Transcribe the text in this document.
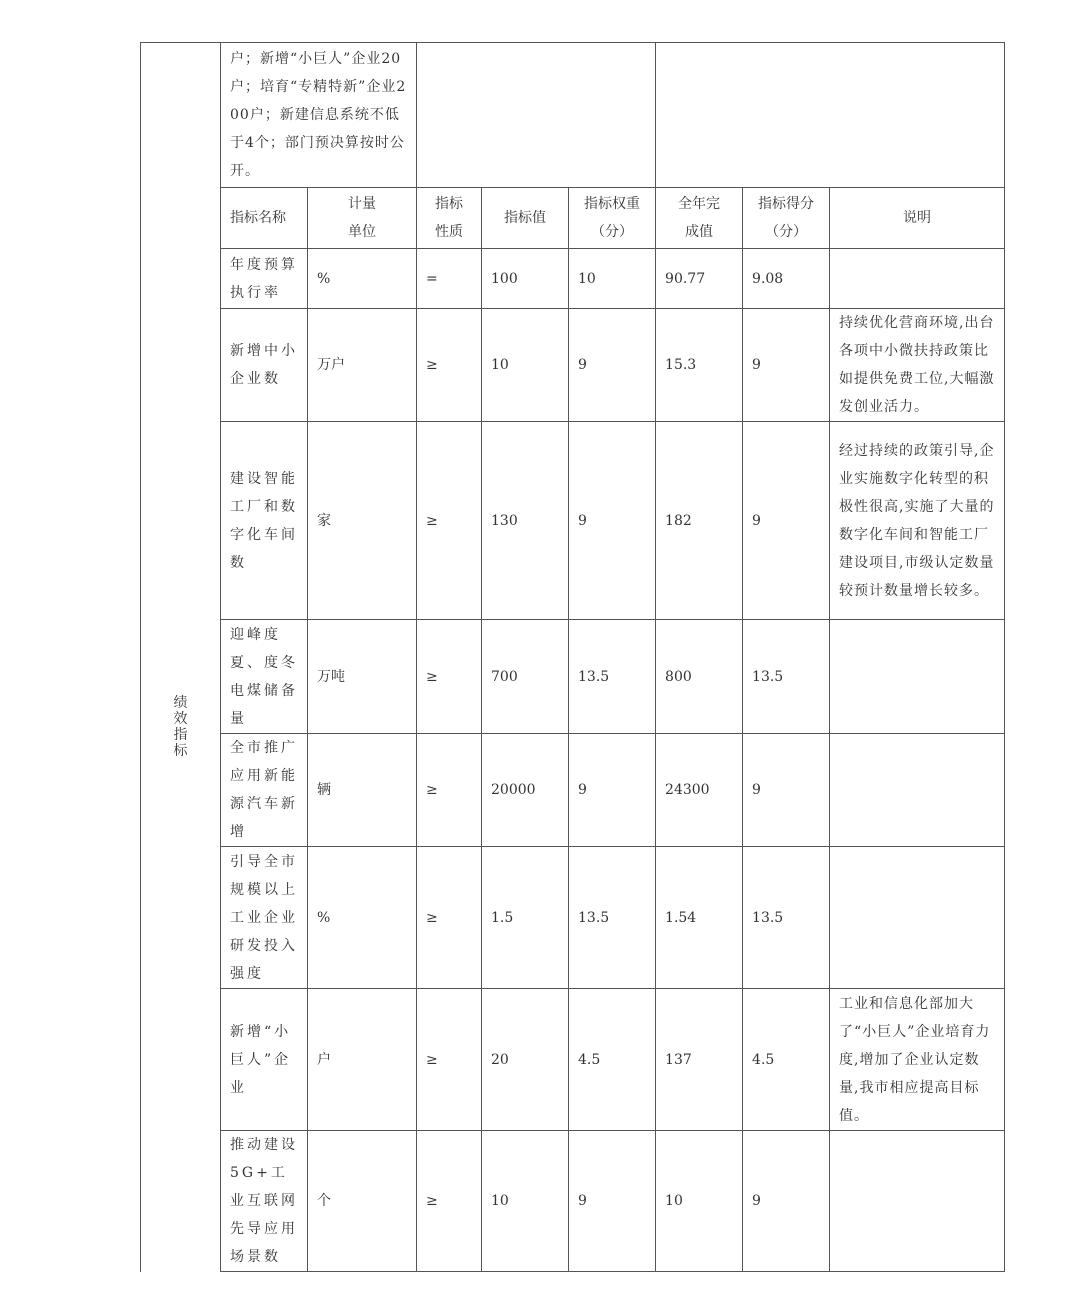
	户；新增“小巨人”企业20户；培育“专精特新”企业200户；新建信息系统不低于4个；部门预决算按时公开。							
绩效指标	指标名称	计量单位	指标性质	指标值	指标权重（分）	全年完成值	指标得分（分）	说明
	年度预算执行率	%	=	100	10	90.77	9.08	
	新增中小企业数	万户	≥	10	9	15.3	9	持续优化营商环境,出台各项中小微扶持政策比如提供免费工位,大幅激发创业活力。
	建设智能工厂和数字化车间数	家	≥	130	9	182	9	经过持续的政策引导,企业实施数字化转型的积极性很高,实施了大量的数字化车间和智能工厂建设项目,市级认定数量较预计数量增长较多。
	迎峰度夏、度冬电煤储备量	万吨	≥	700	13.5	800	13.5	
	全市推广应用新能源汽车新增	辆	≥	20000	9	24300	9	
	引导全市规模以上工业企业研发投入强度	%	≥	1.5	13.5	1.54	13.5	
	新增“小巨人”企业	户	≥	20	4.5	137	4.5	工业和信息化部加大了“小巨人”企业培育力度,增加了企业认定数量,我市相应提高目标值。
	推动建设5G+工业互联网先导应用场景数	个	≥	10	9	10	9	
